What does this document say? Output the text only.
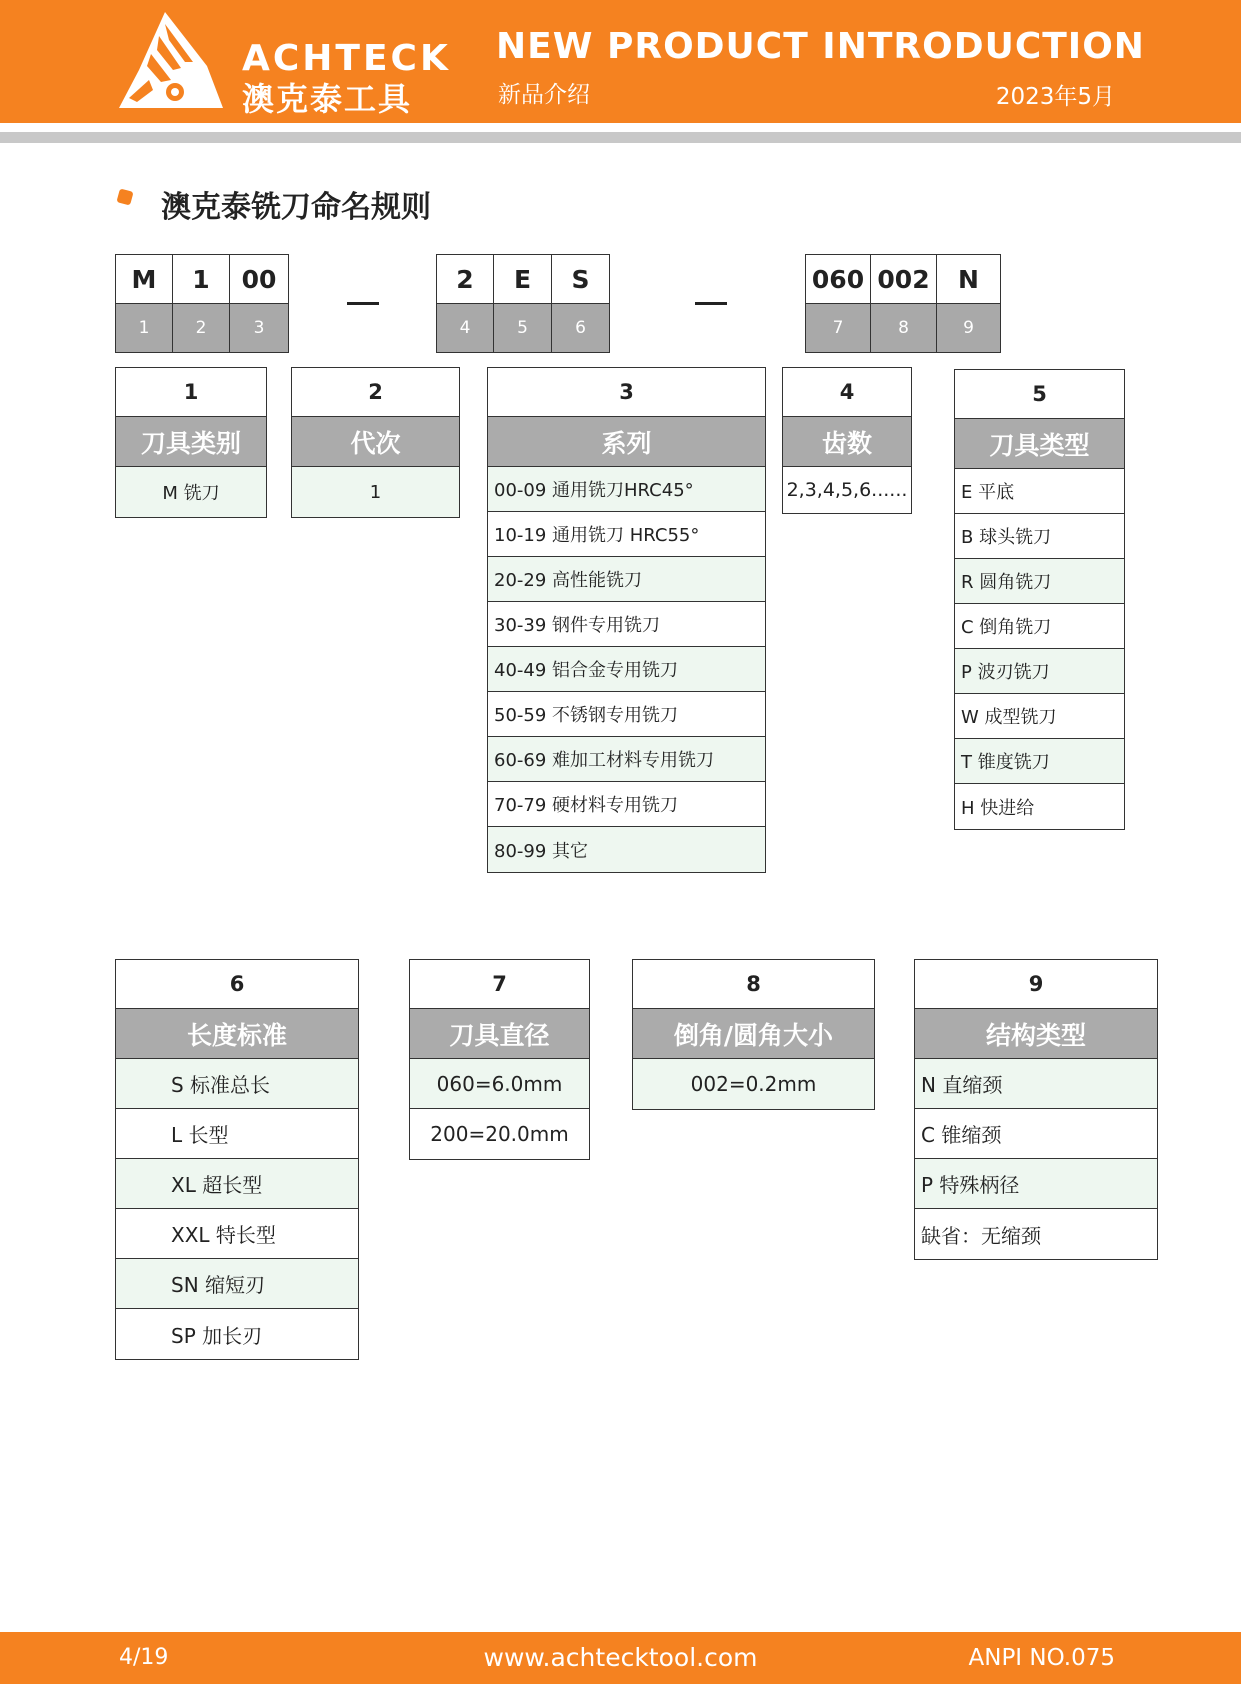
ACHTECK
澳克泰工具
NEW PRODUCT INTRODUCTION
新品介绍	2023年5月
澳克泰铣刀命名规则
M	1	00
1	2	3
2	E	S
4	5	6
060 002	N
7	8	9
1
刀具类别
M 铣刀
2
代次
1
3
系列
00-09 通用铣刀HRC45°
10-19 通用铣刀 HRC55°
20-29 高性能铣刀
30-39 钢件专用铣刀
40-49 铝合金专用铣刀
50-59 不锈钢专用铣刀
60-69 难加工材料专用铣刀
70-79 硬材料专用铣刀
80-99 其它
4
齿数
2,3,4,5,6......
5
刀具类型
E 平底
B 球头铣刀
R 圆角铣刀
C 倒角铣刀
P 波刃铣刀
W 成型铣刀
T 锥度铣刀
H 快进给
6
长度标准
S 标准总长
L 长型
XL 超长型
XXL 特长型
SN 缩短刃
SP 加长刃
7
刀具直径
060=6.0mm
200=20.0mm
8
倒角/圆角大小
002=0.2mm
9
结构类型
N 直缩颈
C 锥缩颈
P 特殊柄径
缺省：无缩颈
4/19	www.achtecktool.com	ANPI NO.075
